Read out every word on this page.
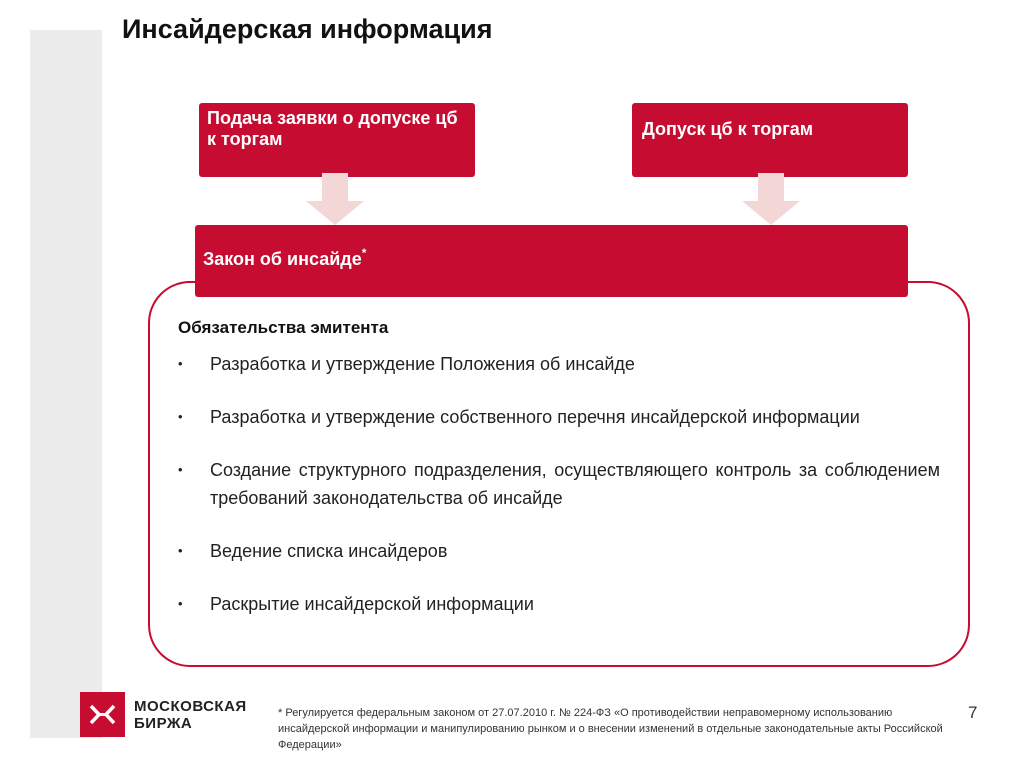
Инсайдерская информация
Подача заявки о допуске цб к торгам	Допуск цб к торгам
Закон об инсайде*
Обязательства эмитента
• Разработка и утверждение Положения об инсайде
• Разработка и утверждение собственного перечня инсайдерской информации
• Создание структурного подразделения, осуществляющего контроль за соблюдением требований законодательства об инсайде
• Ведение списка инсайдеров
• Раскрытие инсайдерской информации
МОСКОВСКАЯ
БИРЖА
* Регулируется федеральным законом от 27.07.2010 г. № 224-ФЗ «О противодействии неправомерному использованию инсайдерской информации и манипулированию рынком и о внесении изменений в отдельные законодательные акты Российской Федерации»
7
